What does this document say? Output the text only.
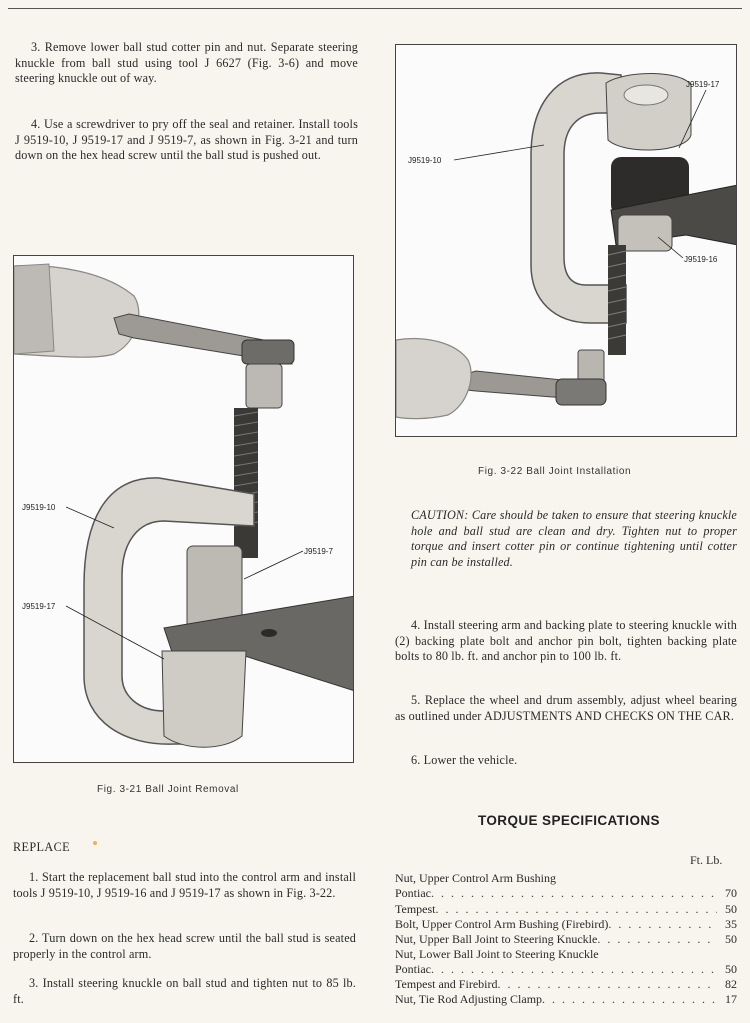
3. Remove lower ball stud cotter pin and nut. Separate steering knuckle from ball stud using tool J 6627 (Fig. 3-6) and move steering knuckle out of way.

4. Use a screwdriver to pry off the seal and retainer. Install tools J 9519-10, J 9519-17 and J 9519-7, as shown in Fig. 3-21 and turn down on the hex head screw until the ball stud is pushed out.

J9519-10
J9519-7
J9519-17
Fig. 3-21 Ball Joint Removal
REPLACE

1. Start the replacement ball stud into the control arm and install tools J 9519-10, J 9519-16 and J 9519-17 as shown in Fig. 3-22.

2. Turn down on the hex head screw until the ball stud is seated properly in the control arm.

3. Install steering knuckle on ball stud and tighten nut to 85 lb. ft.

J9519-17
J9519-10
J9519-16
Fig. 3-22 Ball Joint Installation

CAUTION: Care should be taken to ensure that steering knuckle hole and ball stud are clean and dry. Tighten nut to proper torque and insert cotter pin or continue tightening until cotter pin can be installed.

4. Install steering arm and backing plate to steering knuckle with (2) backing plate bolt and anchor pin bolt, tighten backing plate bolts to 80 lb. ft. and anchor pin to 100 lb. ft.

5. Replace the wheel and drum assembly, adjust wheel bearing as outlined under ADJUSTMENTS AND CHECKS ON THE CAR.

6. Lower the vehicle.

TORQUE SPECIFICATIONS
Ft. Lb.
Nut, Upper Control Arm Bushing
Pontiac . . .	70
Tempest . . .	50
Bolt, Upper Control Arm Bushing (Firebird) . . .	35
Nut, Upper Ball Joint to Steering Knuckle . . .	50
Nut, Lower Ball Joint to Steering Knuckle
Pontiac . . .	50
Tempest and Firebird . . .	82
Nut, Tie Rod Adjusting Clamp . . .	17
